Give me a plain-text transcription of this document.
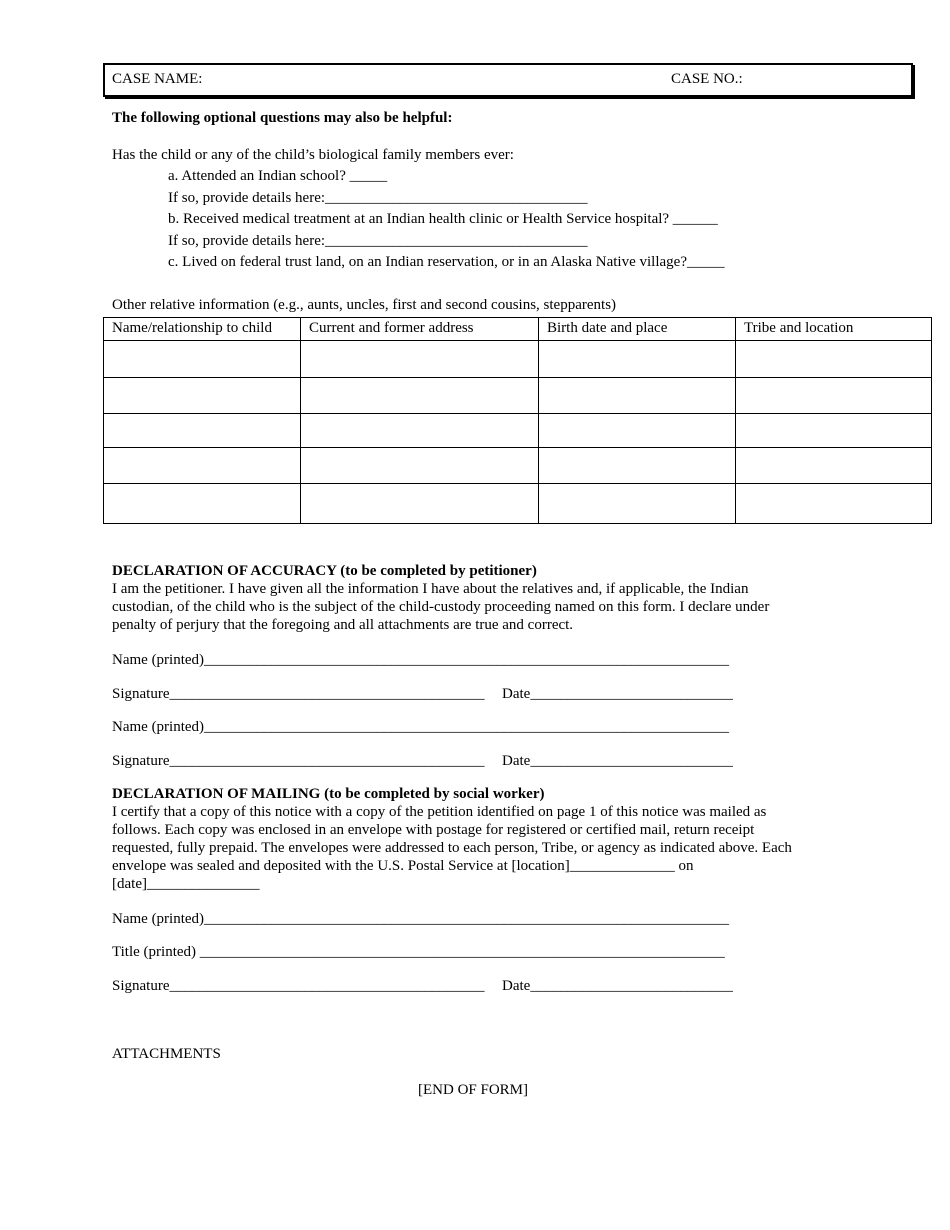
CASE NAME:	CASE NO.:
The following optional questions may also be helpful:
Has the child or any of the child’s biological family members ever:
a. Attended an Indian school? _____
If so, provide details here:___________________________________
b. Received medical treatment at an Indian health clinic or Health Service hospital? ______
If so, provide details here:___________________________________
c. Lived on federal trust land, on an Indian reservation, or in an Alaska Native village?_____
Other relative information (e.g., aunts, uncles, first and second cousins, stepparents)
Name/relationship to child	Current and former address	Birth date and place	Tribe and location

DECLARATION OF ACCURACY (to be completed by petitioner)
I am the petitioner. I have given all the information I have about the relatives and, if applicable, the Indian
custodian, of the child who is the subject of the child-custody proceeding named on this form. I declare under
penalty of perjury that the foregoing and all attachments are true and correct.
Name (printed)______________________________________________________________________
Signature__________________________________________ Date___________________________
Name (printed)______________________________________________________________________
Signature__________________________________________ Date___________________________
DECLARATION OF MAILING (to be completed by social worker)
I certify that a copy of this notice with a copy of the petition identified on page 1 of this notice was mailed as
follows. Each copy was enclosed in an envelope with postage for registered or certified mail, return receipt
requested, fully prepaid. The envelopes were addressed to each person, Tribe, or agency as indicated above. Each
envelope was sealed and deposited with the U.S. Postal Service at [location]______________ on
[date]_______________
Name (printed)______________________________________________________________________
Title (printed) ______________________________________________________________________
Signature__________________________________________ Date___________________________
ATTACHMENTS
[END OF FORM]
